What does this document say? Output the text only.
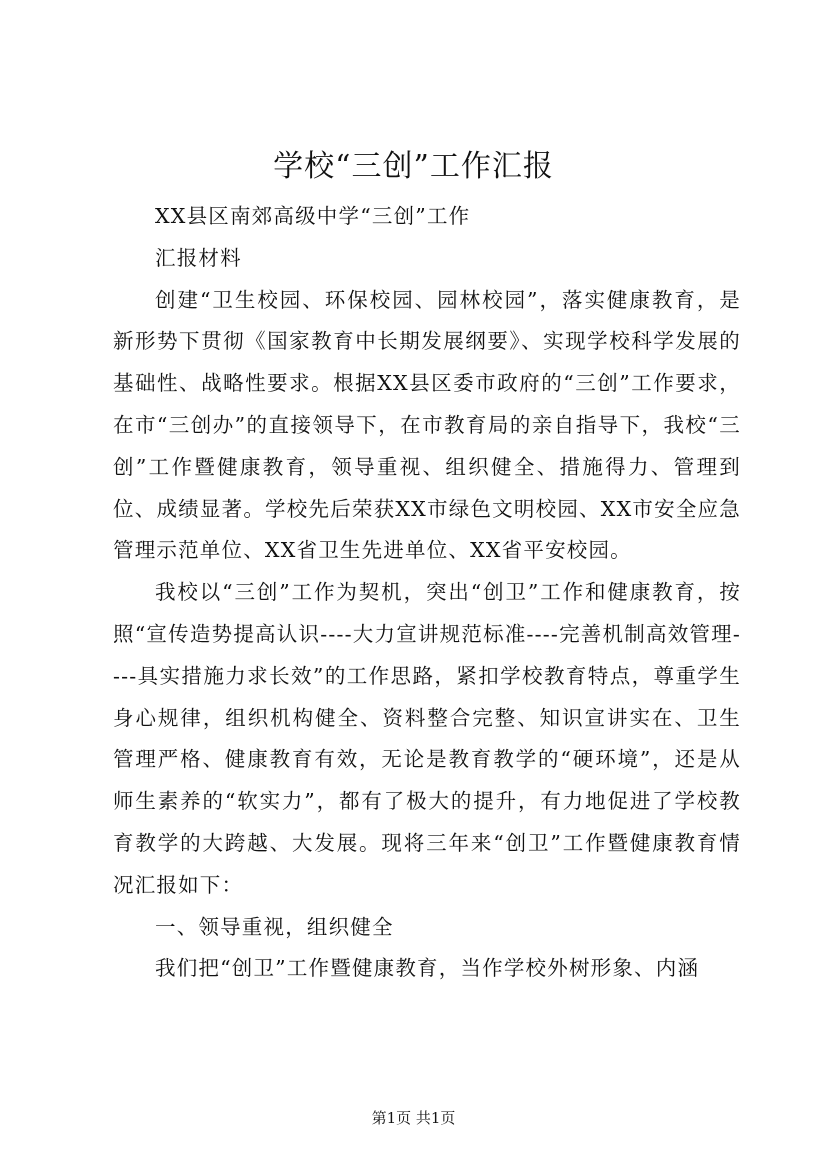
学校“三创”工作汇报

XX县区南郊高级中学“三创”工作

汇报材料

创建“卫生校园、环保校园、园林校园”，落实健康教育，是新形势下贯彻《国家教育中长期发展纲要》、实现学校科学发展的基础性、战略性要求。根据XX县区委市政府的“三创”工作要求，在市“三创办”的直接领导下，在市教育局的亲自指导下，我校“三创”工作暨健康教育，领导重视、组织健全、措施得力、管理到位、成绩显著。学校先后荣获XX市绿色文明校园、XX市安全应急管理示范单位、XX省卫生先进单位、XX省平安校园。

我校以“三创”工作为契机，突出“创卫”工作和健康教育，按照“宣传造势提高认识----大力宣讲规范标准----完善机制高效管理----具实措施力求长效”的工作思路，紧扣学校教育特点，尊重学生身心规律，组织机构健全、资料整合完整、知识宣讲实在、卫生管理严格、健康教育有效，无论是教育教学的“硬环境”，还是从师生素养的“软实力”，都有了极大的提升，有力地促进了学校教育教学的大跨越、大发展。现将三年来“创卫”工作暨健康教育情况汇报如下：

一、领导重视，组织健全

我们把“创卫”工作暨健康教育，当作学校外树形象、内涵

第1页 共1页
